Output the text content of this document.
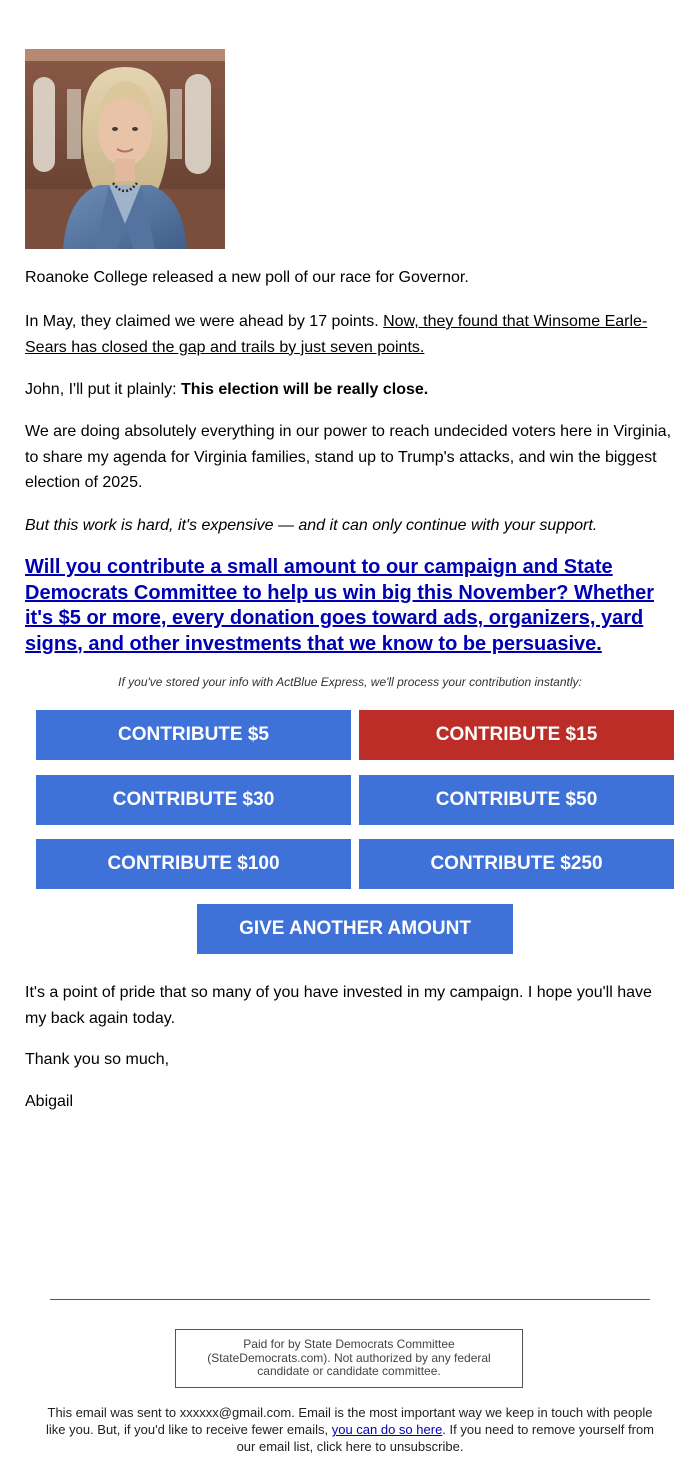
Roanoke College released a new poll of our race for Governor.

In May, they claimed we were ahead by 17 points. Now, they found that Winsome Earle-Sears has closed the gap and trails by just seven points.

John, I'll put it plainly: This election will be really close.

We are doing absolutely everything in our power to reach undecided voters here in Virginia, to share my agenda for Virginia families, stand up to Trump's attacks, and win the biggest election of 2025.

But this work is hard, it's expensive — and it can only continue with your support.

Will you contribute a small amount to our campaign and State Democrats Committee to help us win big this November? Whether it's $5 or more, every donation goes toward ads, organizers, yard signs, and other investments that we know to be persuasive.
If you've stored your info with ActBlue Express, we'll process your contribution instantly:
CONTRIBUTE $5	CONTRIBUTE $15
CONTRIBUTE $30	CONTRIBUTE $50
CONTRIBUTE $100	CONTRIBUTE $250
GIVE ANOTHER AMOUNT

It's a point of pride that so many of you have invested in my campaign. I hope you'll have my back again today.

Thank you so much,

Abigail

Paid for by State Democrats Committee (StateDemocrats.com). Not authorized by any federal candidate or candidate committee.
This email was sent to xxxxxx@gmail.com. Email is the most important way we keep in touch with people like you. But, if you'd like to receive fewer emails, you can do so here. If you need to remove yourself from our email list, click here to unsubscribe.
